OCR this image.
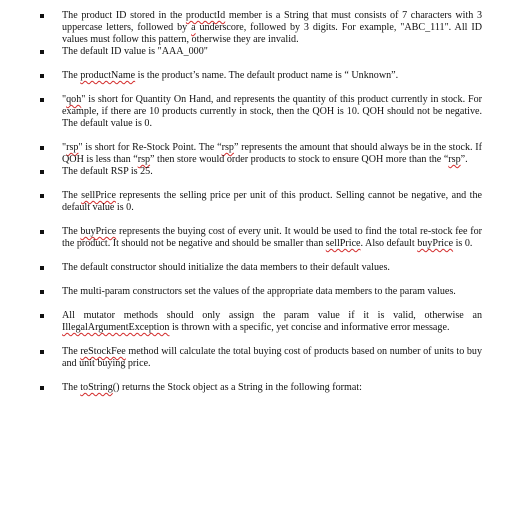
The product ID stored in the productId member is a String that must consists of 7 characters with 3 uppercase letters, followed by a underscore, followed by 3 digits. For example, "ABC_111". All ID values must follow this pattern, otherwise they are invalid.

The default ID value is "AAA_000"

The productName is the product’s name. The default product name is “ Unknown”.

"qoh" is short for Quantity On Hand, and represents the quantity of this product currently in stock. For example, if there are 10 products currently in stock, then the QOH is 10. QOH should not be negative. The default value is 0.

"rsp" is short for Re-Stock Point. The “rsp” represents the amount that should always be in the stock. If QOH is less than “rsp” then store would order products to stock to ensure QOH more than the “rsp”.

The default RSP is 25.

The sellPrice represents the selling price per unit of this product. Selling cannot be negative, and the default value is 0.

The buyPrice represents the buying cost of every unit. It would be used to find the total re-stock fee for the product. It should not be negative and should be smaller than sellPrice. Also default buyPrice is 0.

The default constructor should initialize the data members to their default values.

The multi-param constructors set the values of the appropriate data members to the param values.

All mutator methods should only assign the param value if it is valid, otherwise an IllegalArgumentException is thrown with a specific, yet concise and informative error message.

The reStockFee method will calculate the total buying cost of products based on number of units to buy and unit buying price.

The toString() returns the Stock object as a String in the following format:
